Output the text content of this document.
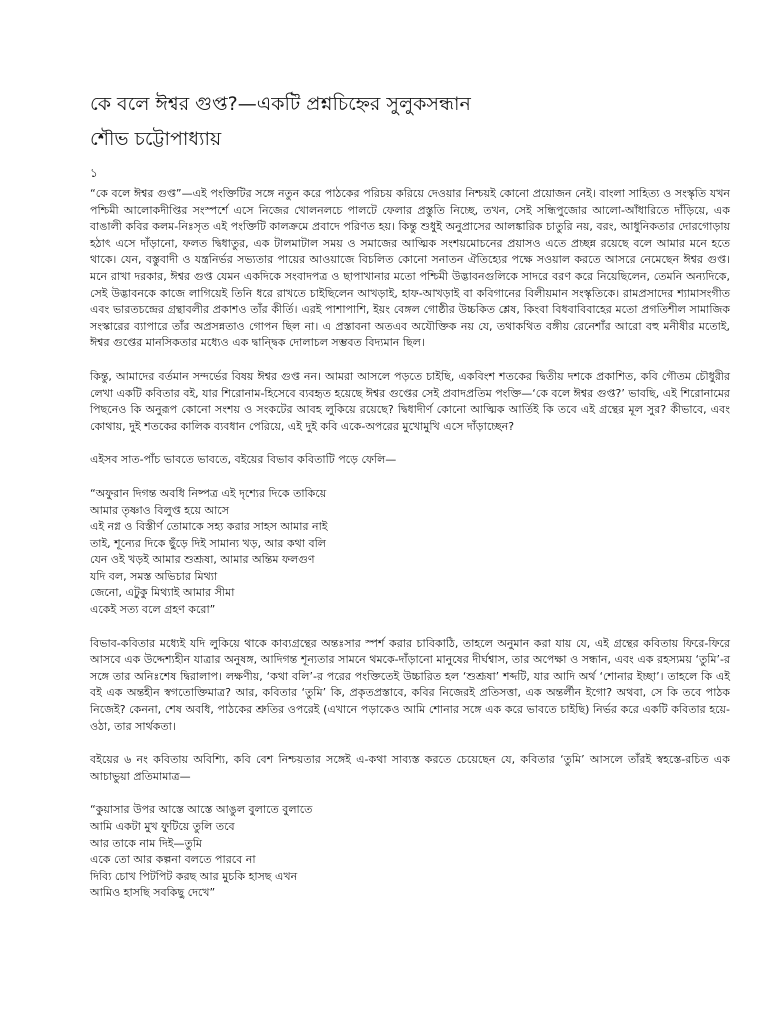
কে বলে ঈশ্বর গুপ্ত?—একটি প্রশ্নচিহ্নের সুলুকসন্ধান
শৌভ চট্টোপাধ্যায়
১

“কে বলে ঈশ্বর গুপ্ত”—এই পংক্তিটির সঙ্গে নতুন করে পাঠকের পরিচয় করিয়ে দেওয়ার নিশ্চয়ই কোনো প্রয়োজন নেই। বাংলা সাহিত্য ও সংস্কৃতি যখন পশ্চিমী আলোকদীপ্তির সংস্পর্শে এসে নিজের খোলনলচে পালটে ফেলার প্রস্তুতি নিচ্ছে, তখন, সেই সন্ধিপুজোর আলো-আঁধারিতে দাঁড়িয়ে, এক বাঙালী কবির কলম-নিঃসৃত এই পংক্তিটি কালক্রমে প্রবাদে পরিণত হয়। কিন্তু শুধুই অনুপ্রাসের আলঙ্কারিক চাতুরি নয়, বরং, আধুনিকতার দোরগোড়ায় হঠাৎ এসে দাঁড়ানো, ফলত দ্বিধাতুর, এক টালমাটাল সময় ও সমাজের আত্মিক সংশয়মোচনের প্রয়াসও এতে প্রচ্ছন্ন রয়েছে বলে আমার মনে হতে থাকে। যেন, বস্তুবাদী ও যন্ত্রনির্ভর সভ্যতার পায়ের আওয়াজে বিচলিত কোনো সনাতন ঐতিহ্যের পক্ষে সওয়াল করতে আসরে নেমেছেন ঈশ্বর গুপ্ত। মনে রাখা দরকার, ঈশ্বর গুপ্ত যেমন একদিকে সংবাদপত্র ও ছাপাখানার মতো পশ্চিমী উদ্ভাবনগুলিকে সাদরে বরণ করে নিয়েছিলেন, তেমনি অন্যদিকে, সেই উদ্ভাবনকে কাজে লাগিয়েই তিনি ধরে রাখতে চাইছিলেন আখড়াই, হাফ-আখড়াই বা কবিগানের বিলীয়মান সংস্কৃতিকে। রামপ্রসাদের শ্যামাসংগীত এবং ভারতচন্দ্রের গ্রন্থাবলীর প্রকাশও তাঁর কীর্তি। এরই পাশাপাশি, ইয়ং বেঙ্গল গোষ্ঠীর উচ্চকিত শ্লেষ, কিংবা বিধবাবিবাহের মতো প্রগতিশীল সামাজিক সংস্কারের ব্যাপারে তাঁর অপ্রসন্নতাও গোপন ছিল না। এ প্রস্তাবনা অতএব অযৌক্তিক নয় যে, তথাকথিত বঙ্গীয় রেনেশাঁর আরো বহু মনীষীর মতোই, ঈশ্বর গুপ্তের মানসিকতার মধ্যেও এক দ্বান্দ্বিক দোলাচল সম্ভবত বিদ্যমান ছিল।

কিন্তু, আমাদের বর্তমান সন্দর্ভের বিষয় ঈশ্বর গুপ্ত নন। আমরা আসলে পড়তে চাইছি, একবিংশ শতকের দ্বিতীয় দশকে প্রকাশিত, কবি গৌতম চৌধুরীর লেখা একটি কবিতার বই, যার শিরোনাম-হিসেবে ব্যবহৃত হয়েছে ঈশ্বর গুপ্তের সেই প্রবাদপ্রতিম পংক্তি—‘কে বলে ঈশ্বর গুপ্ত?’ ভাবছি, এই শিরোনামের পিছনেও কি অনুরূপ কোনো সংশয় ও সংকটের আবহ লুকিয়ে রয়েছে? দ্বিধাদীর্ণ কোনো আত্মিক আর্তিই কি তবে এই গ্রন্থের মূল সুর? কীভাবে, এবং কোথায়, দুই শতকের কালিক ব্যবধান পেরিয়ে, এই দুই কবি একে-অপরের মুখোমুখি এসে দাঁড়াচ্ছেন?

এইসব সাত-পাঁচ ভাবতে ভাবতে, বইয়ের বিভাব কবিতাটি পড়ে ফেলি—

“অফুরান দিগন্ত অবধি নিষ্পত্র এই দৃশ্যের দিকে তাকিয়ে
আমার তৃষ্ণাও বিলুপ্ত হয়ে আসে
এই নগ্ন ও বিস্তীর্ণ তোমাকে সহ্য করার সাহস আমার নাই
তাই, শূন্যের দিকে ছুঁড়ে দিই সামান্য খড়, আর কথা বলি
যেন ওই খড়ই আমার শুশ্রূষা, আমার অন্তিম ফলগুণ
যদি বল, সমস্ত অভিচার মিথ্যা
জেনো, এটুকু মিথ্যাই আমার সীমা
একেই সত্য বলে গ্রহণ করো”

বিভাব-কবিতার মধ্যেই যদি লুকিয়ে থাকে কাব্যগ্রন্থের অন্তঃসার স্পর্শ করার চাবিকাঠি, তাহলে অনুমান করা যায় যে, এই গ্রন্থের কবিতায় ফিরে-ফিরে আসবে এক উদ্দেশ্যহীন যাত্রার অনুষঙ্গ, আদিগন্ত শূন্যতার সামনে থমকে-দাঁড়ানো মানুষের দীর্ঘশ্বাস, তার অপেক্ষা ও সন্ধান, এবং এক রহস্যময় ‘তুমি’-র সঙ্গে তার অনিঃশেষ দ্বিরালাপ। লক্ষণীয়, ‘কথা বলি’-র পরের পংক্তিতেই উচ্চারিত হল ‘শুশ্রূষা’ শব্দটি, যার আদি অর্থ ‘শোনার ইচ্ছা’। তাহলে কি এই বই এক অন্তহীন স্বগতোক্তিমাত্র? আর, কবিতার ‘তুমি’ কি, প্রকৃতপ্রস্তাবে, কবির নিজেরই প্রতিসত্তা, এক অন্তর্লীন ইগো? অথবা, সে কি তবে পাঠক নিজেই? কেননা, শেষ অবধি, পাঠকের শ্রুতির ওপরেই (এখানে পড়াকেও আমি শোনার সঙ্গে এক করে ভাবতে চাইছি) নির্ভর করে একটি কবিতার হয়ে-ওঠা, তার সার্থকতা।

বইয়ের ৬ নং কবিতায় অবিশ্যি, কবি বেশ নিশ্চয়তার সঙ্গেই এ-কথা সাব্যস্ত করতে চেয়েছেন যে, কবিতার ‘তুমি’ আসলে তাঁরই স্বহস্তে-রচিত এক আচাভুয়া প্রতিমামাত্র—

“কুয়াসার উপর আস্তে আস্তে আঙুল বুলাতে বুলাতে
আমি একটা মুখ ফুটিয়ে তুলি তবে
আর তাকে নাম দিই—তুমি
একে তো আর কল্পনা বলতে পারবে না
দিব্যি চোখ পিটপিট করছ আর মুচকি হাসছ এখন
আমিও হাসছি সবকিছু দেখে”
